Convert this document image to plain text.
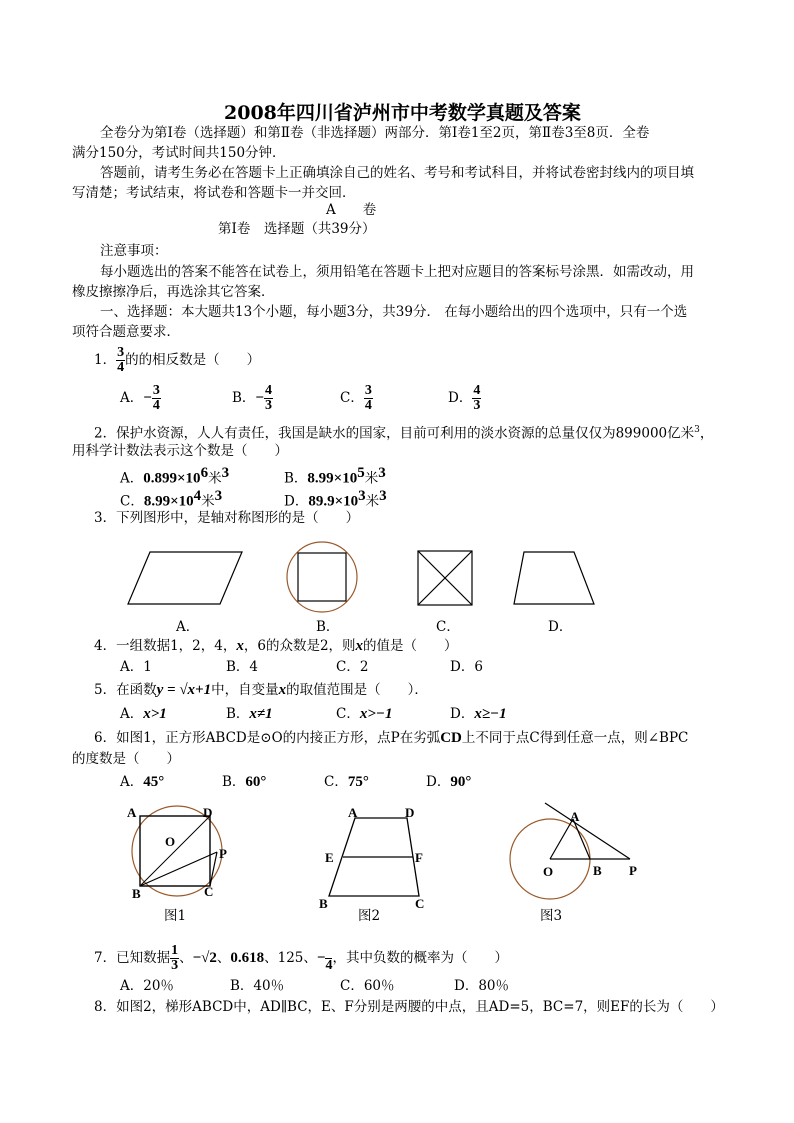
2008年四川省泸州市中考数学真题及答案
全卷分为第Ⅰ卷（选择题）和第Ⅱ卷（非选择题）两部分．第Ⅰ卷1至2页，第Ⅱ卷3至8页．全卷
满分150分，考试时间共150分钟．
答题前，请考生务必在答题卡上正确填涂自己的姓名、考号和考试科目，并将试卷密封线内的项目填
写清楚；考试结束，将试卷和答题卡一并交回．
A　　卷
第Ⅰ卷　选择题（共39分）
注意事项：
每小题选出的答案不能答在试卷上，须用铅笔在答题卡上把对应题目的答案标号涂黑．如需改动，用
橡皮擦擦净后，再选涂其它答案．
一、选择题：本大题共13个小题，每小题3分，共39分． 在每小题给出的四个选项中，只有一个选
项符合题意要求．
1． $\frac{3}{4}$ 的的相反数是（　　）
A．− $\frac{3}{4}$	B．− $\frac{4}{3}$	C． $\frac{3}{4}$	D． $\frac{4}{3}$
2．保护水资源，人人有责任，我国是缺水的国家，目前可利用的淡水资源的总量仅仅为899000亿米$^3$，
用科学计数法表示这个数是（　　）
A．$0.899\times 10^6$米$^3$	B．$8.99\times 10^5$米$^3$
C．$8.99\times 10^4$米$^3$	D．$89.9\times 10^3$米$^3$
3．下列图形中，是轴对称图形的是（　　）
A．	B．	C．	D．
4．一组数据1，2，4，x，6的众数是2，则x的值是（　　）
A．1	B．4	C．2	D．6
5．在函数y = √x+1中，自变量x的取值范围是（　　）．
A．x>1	B．x≠1	C．x>−1	D．x≥−1
6．如图1，正方形ABCD是⊙O的内接正方形，点P在劣弧CD上不同于点C得到任意一点，则∠BPC
的度数是（　　）
A．45°	B．60°	C．75°	D．90°
A	D
O
P
B	C
图1
A	D
E	F
B	C
图2
A
O	B P
图3
7．已知数据 $\frac{1}{3}$ 、−√2、0.618、125、−
4 ，其中负数的概率为（　　）
A．20％	B．40％	C．60％	D．80％
8．如图2，梯形ABCD中，AD∥BC，E、F分别是两腰的中点，且AD=5，BC=7，则EF的长为（　　）
